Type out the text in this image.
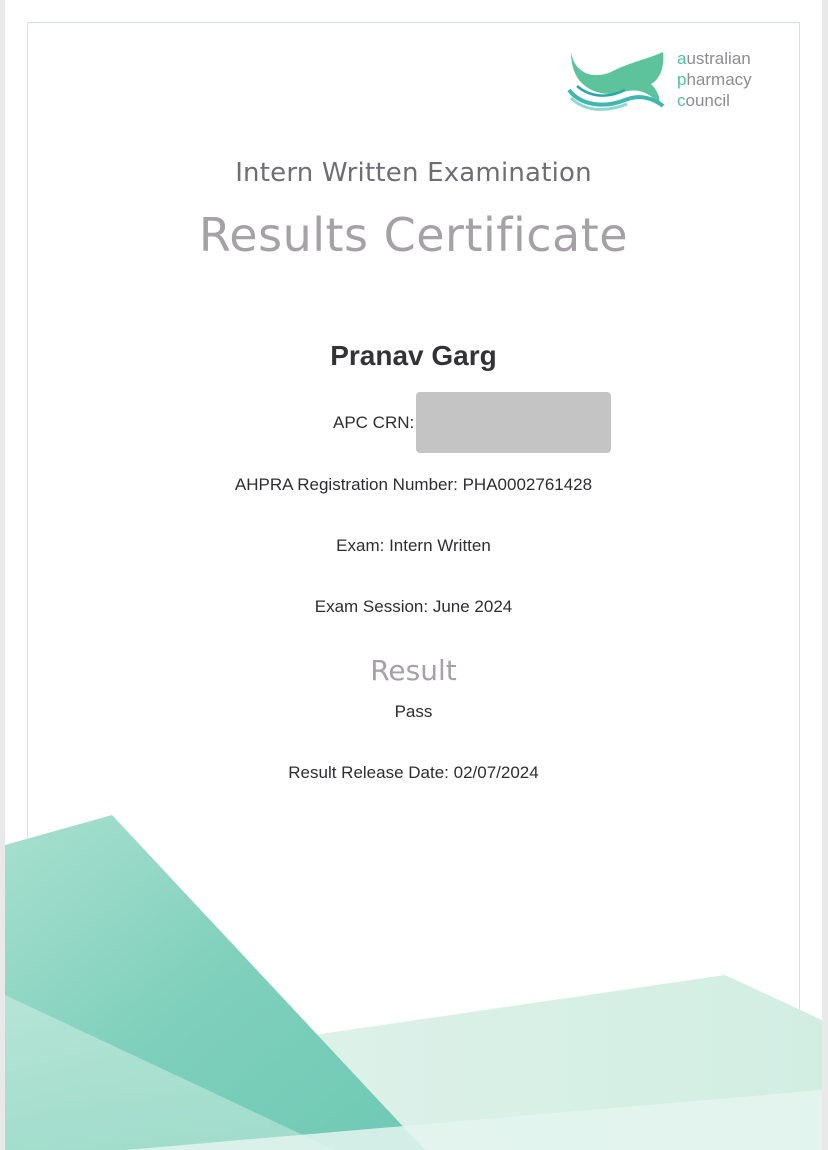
australian
pharmacy
council
Intern Written Examination
Results Certificate
Pranav Garg
APC CRN:
AHPRA Registration Number: PHA0002761428
Exam: Intern Written
Exam Session: June 2024
Result
Pass
Result Release Date: 02/07/2024
